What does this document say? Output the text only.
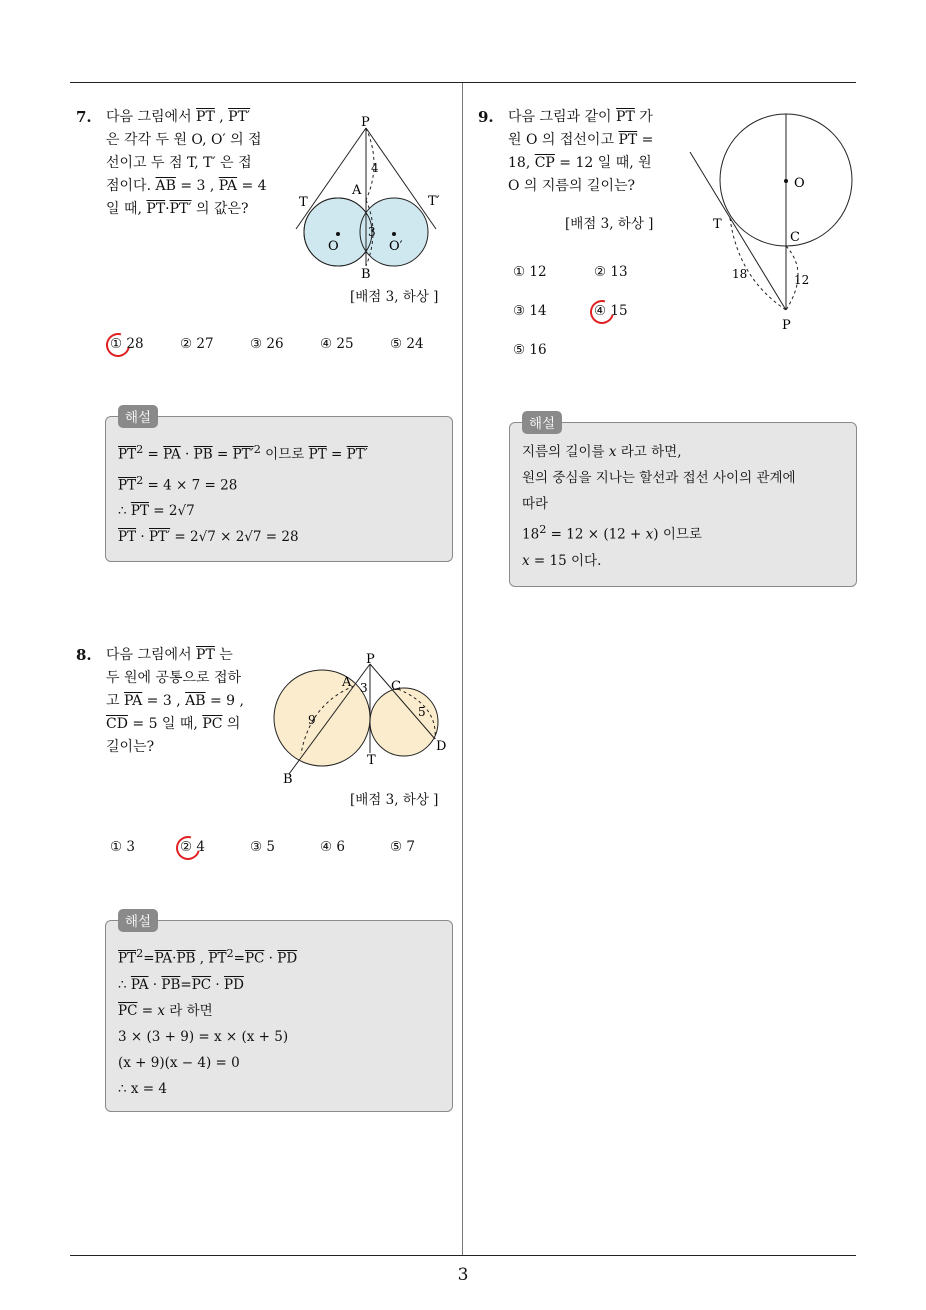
3
7. 다음 그림에서 $\overline{PT}$ , PT′
은 각각 두 원 O, O′ 의 접
선이고 두 점 T, T′ 은 접
점이다. $\overline{AB} = 3$ , $\overline{PA} = 4$
일 때, $\overline{PT}\cdot PT'$ 의 값은?
P
A
B
T	T′
O	O′
4
3
[배점 3, 하상 ]
① 28	② 27	③ 26	④ 25	⑤ 24
해설
$\overline{PT}^2 = \overline{PA} \cdot \overline{PB} = PT'^2$ 이므로 $\overline{PT} = PT'$
$\overline{PT}^2 = 4 \times 7 = 28$
∴ $\overline{PT} = 2√7$
$\overline{PT} \cdot PT' = 2√7 \times 2√7 = 28$
8. 다음 그림에서 $\overline{PT}$ 는
두 원에 공통으로 접하
고 $\overline{PA} = 3$ , $\overline{AB} = 9$ ,
$\overline{CD} = 5$ 일 때, $\overline{PC}$ 의
길이는?
P
A
B
C
D
T
9
3
5
[배점 3, 하상 ]
① 3	② 4	③ 5	④ 6	⑤ 7
해설
$\overline{PT}^2=\overline{PA}\cdot\overline{PB}$ , $\overline{PT}^2=\overline{PC} \cdot \overline{PD}$
∴ $\overline{PA} \cdot \overline{PB}=\overline{PC} \cdot \overline{PD}$
$\overline{PC} = x$ 라 하면
3 × (3 + 9) = x × (x + 5)
(x + 9)(x − 4) = 0
∴ x = 4
9. 다음 그림과 같이 $\overline{PT}$ 가
원 O 의 접선이고 $\overline{PT}$ =
18, $\overline{CP} = 12$ 일 때, 원
O 의 지름의 길이는?
[배점 3, 하상 ]
O
T
C
P
18	12
① 12	② 13
③ 14	④ 15
⑤ 16
해설
지름의 길이를 x 라고 하면,
원의 중심을 지나는 할선과 접선 사이의 관계에
따라
$18^2 = 12 \times (12 + x)$ 이므로
x = 15 이다.
